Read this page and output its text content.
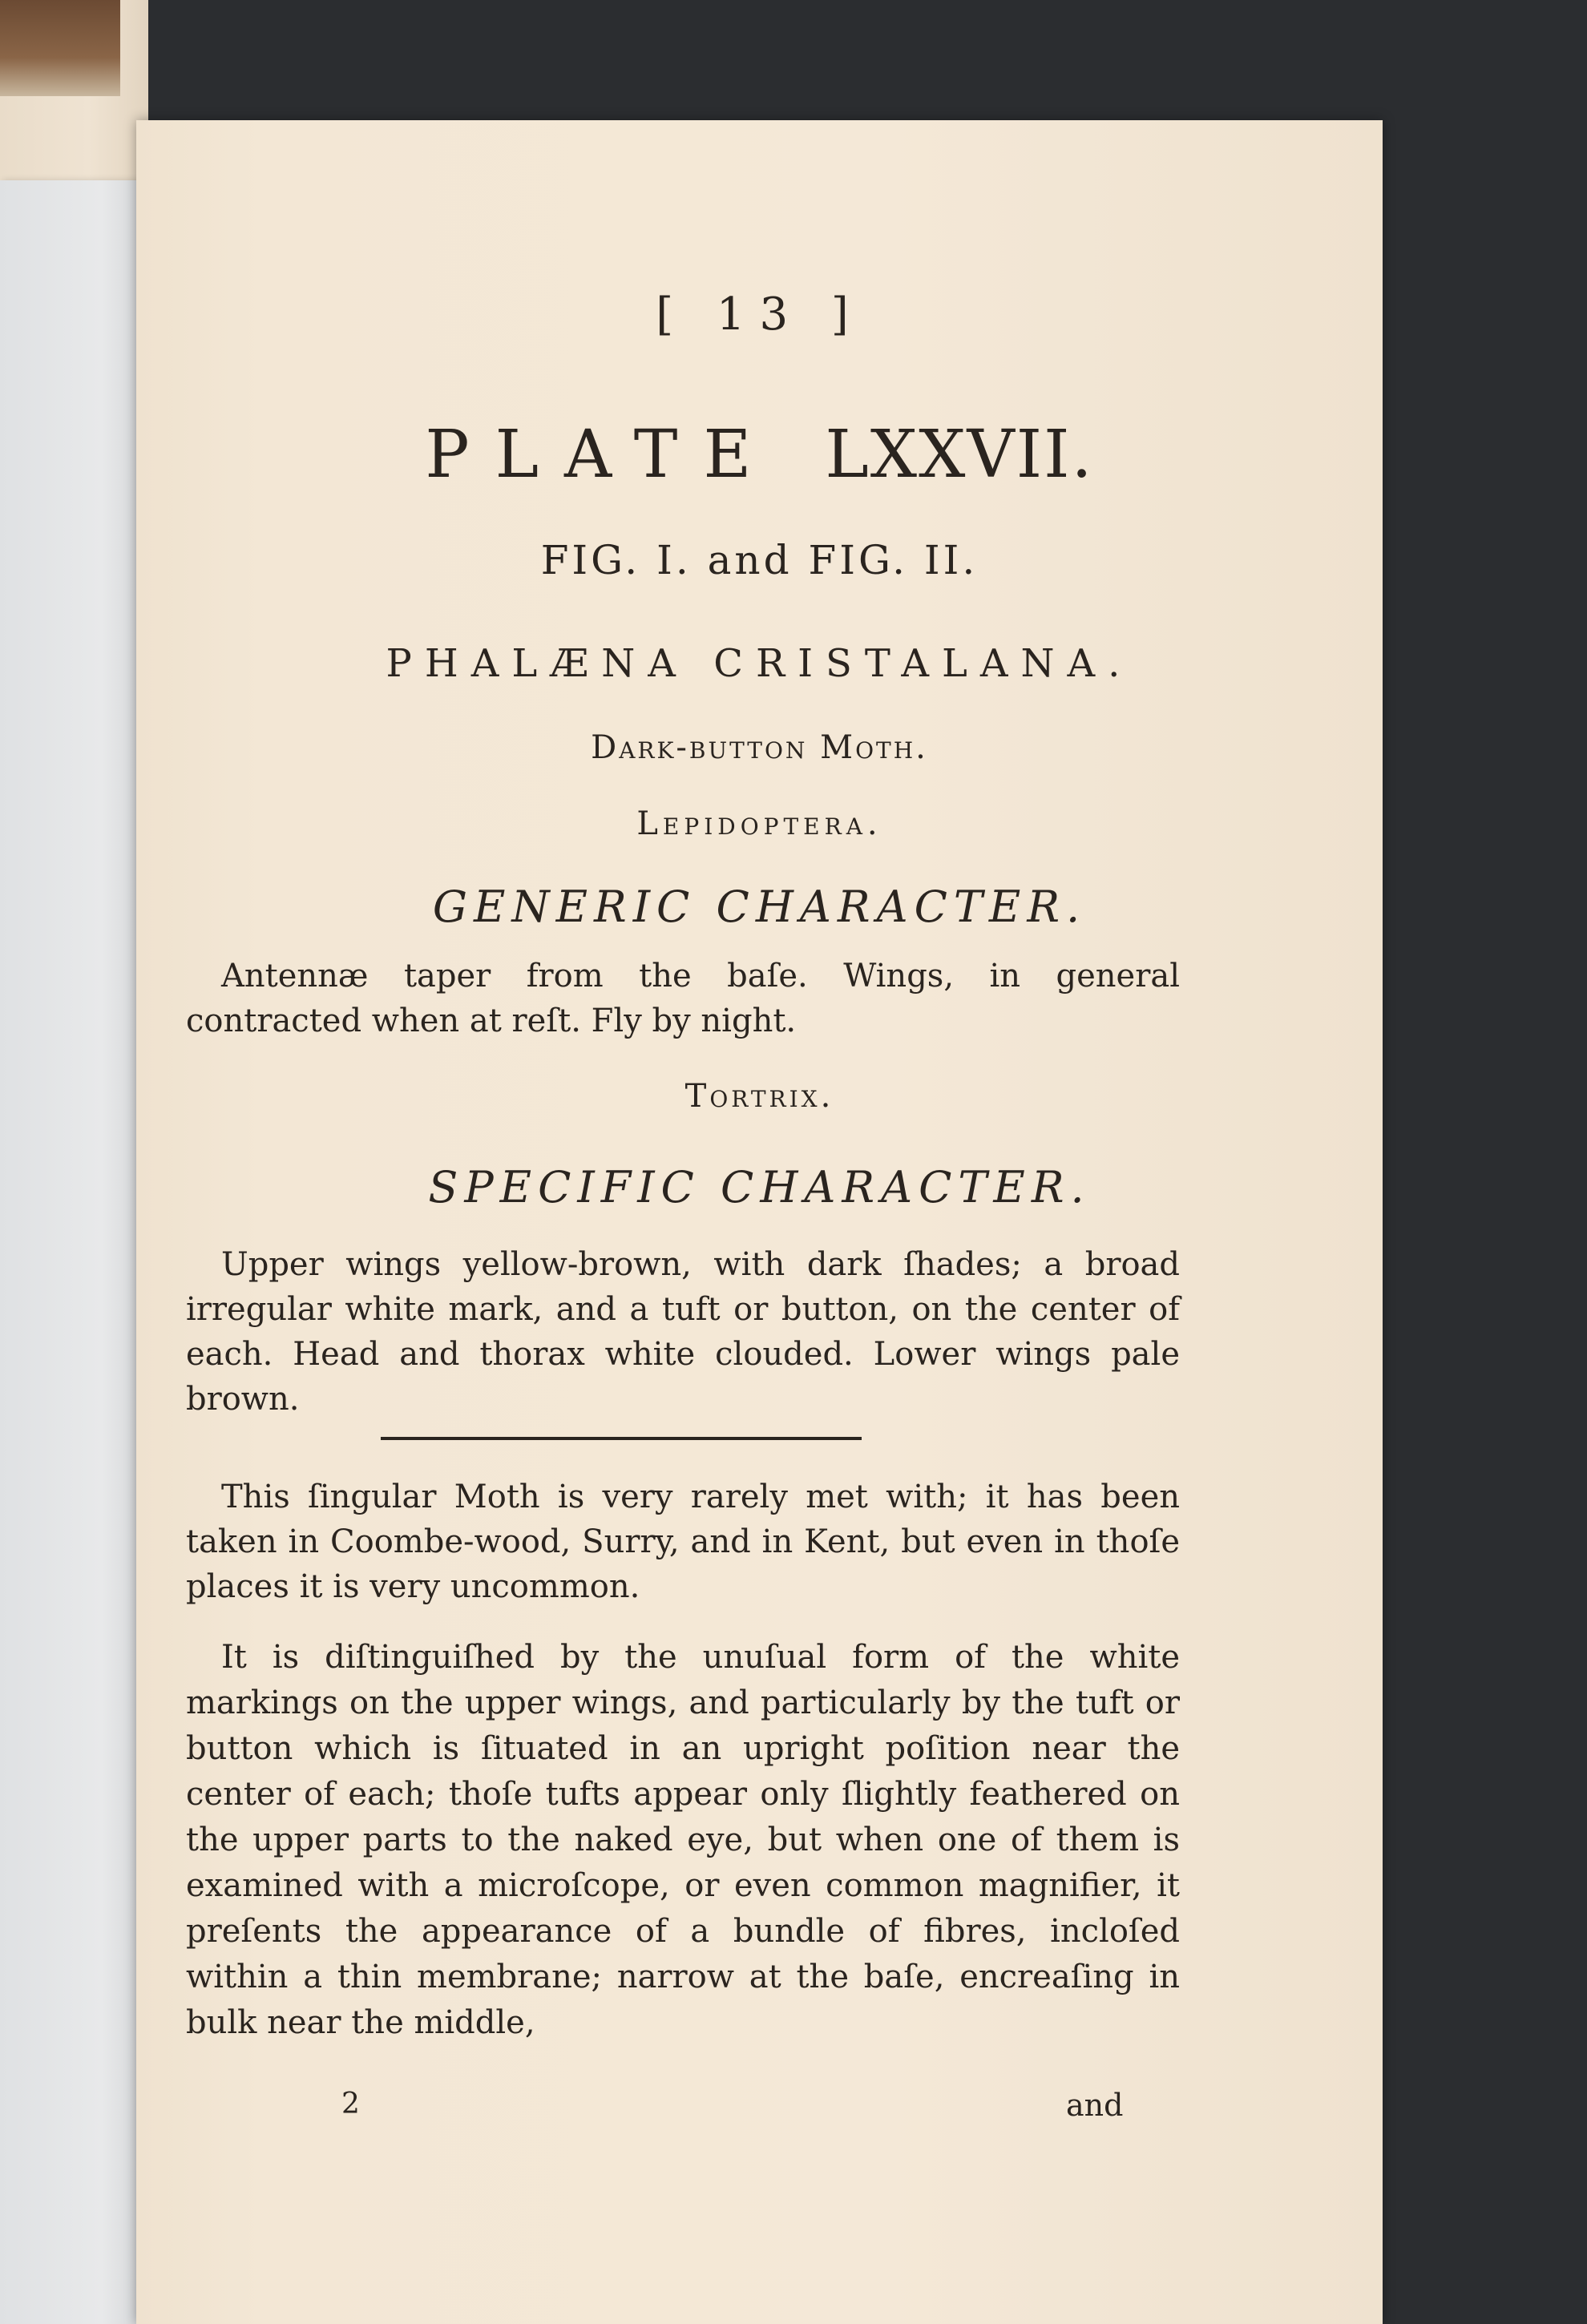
[ 13 ]
PLATE LXXVII.
FIG. I. and FIG. II.
PHALÆNA CRISTALANA.
Dark-button Moth.
Lepidoptera.
GENERIC CHARACTER.
Antennæ taper from the baſe. Wings, in general contracted when at reſt. Fly by night.
Tortrix.
SPECIFIC CHARACTER.
Upper wings yellow-brown, with dark ſhades; a broad irregular white mark, and a tuft or button, on the center of each. Head and thorax white clouded. Lower wings pale brown.
This ſingular Moth is very rarely met with; it has been taken in Coombe-wood, Surry, and in Kent, but even in thoſe places it is very uncommon.
It is diſtinguiſhed by the unuſual form of the white markings on the upper wings, and particularly by the tuft or button which is ſituated in an upright poſition near the center of each; thoſe tufts appear only ſlightly feathered on the upper parts to the naked eye, but when one of them is examined with a microſcope, or even common magnifier, it preſents the appearance of a bundle of fibres, incloſed within a thin membrane; narrow at the baſe, encreaſing in bulk near the middle,
2	and
